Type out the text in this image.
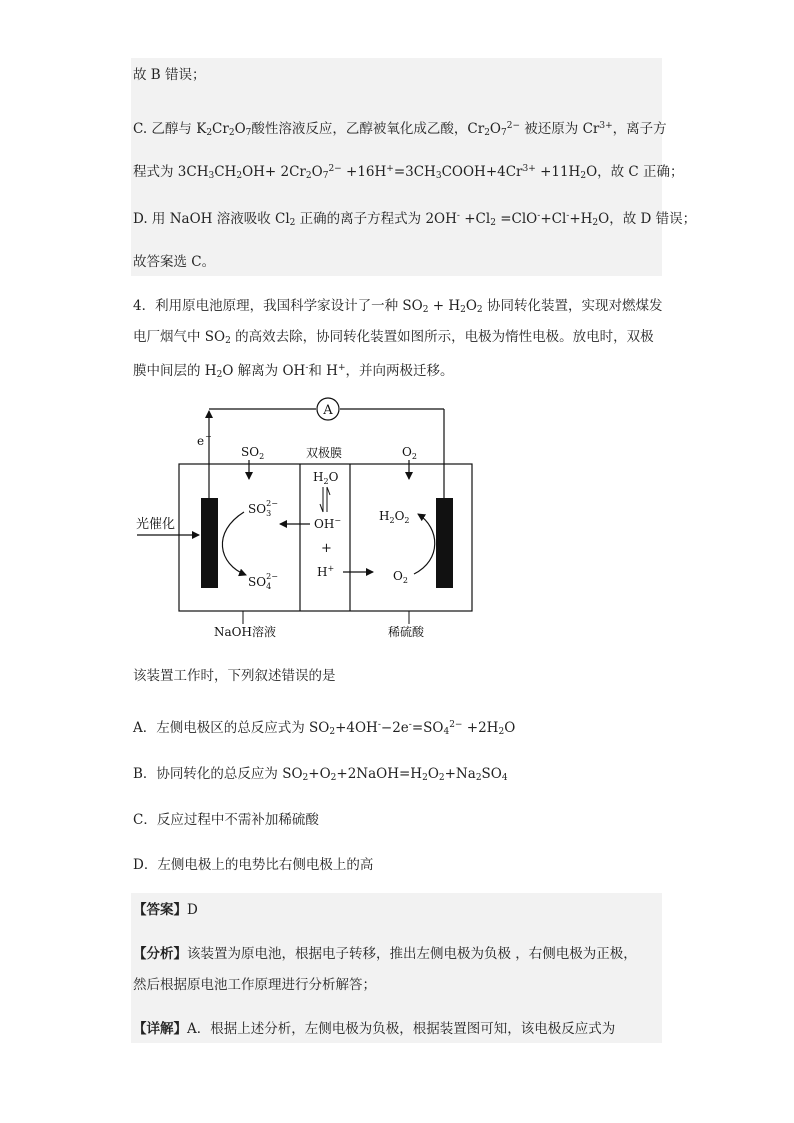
故 B 错误；
C. 乙醇与 $K_2Cr_2O_7$酸性溶液反应，乙醇被氧化成乙酸，$Cr_2O_7^{2-}$ 被还原为 $Cr^{3+}$，离子方
程式为 $3CH_3CH_2OH+ 2Cr_2O_7^{2-}$ $+16H^+=3CH_3COOH+4Cr^{3+} +11H_2O$，故 C 正确；
D. 用 NaOH 溶液吸收 $Cl_2$ 正确的离子方程式为 $2OH^- +Cl_2 =ClO^-+Cl^-+H_2O$，故 D 错误；
故答案选 C。
4．利用原电池原理，我国科学家设计了一种 $SO_2 + H_2O_2$ 协同转化装置，实现对燃煤发
电厂烟气中 $SO_2$ 的高效去除，协同转化装置如图所示，电极为惰性电极。放电时，双极
膜中间层的 $H_2O$ 解离为 OH-和 H+，并向两极迁移。
A
e −
$SO_2$	双极膜	$O_2$
$H_2O$
光催化
$SO_32-$
$SO_42-$
OH−
+
H+
$H_2O_2$
$O_2$
NaOH溶液	稀硫酸
该装置工作时，下列叙述错误的是
A．左侧电极区的总反应式为 $SO_2+4OH^--2e^-=SO_4^{2-} +2H_2O$
B．协同转化的总反应为 $SO_2+O_2+2NaOH=H_2O_2+Na_2SO_4$
C．反应过程中不需补加稀硫酸
D．左侧电极上的电势比右侧电极上的高
【答案】D
【分析】该装置为原电池，根据电子转移，推出左侧电极为负极 ，右侧电极为正极，
然后根据原电池工作原理进行分析解答；
【详解】A．根据上述分析，左侧电极为负极，根据装置图可知，该电极反应式为
